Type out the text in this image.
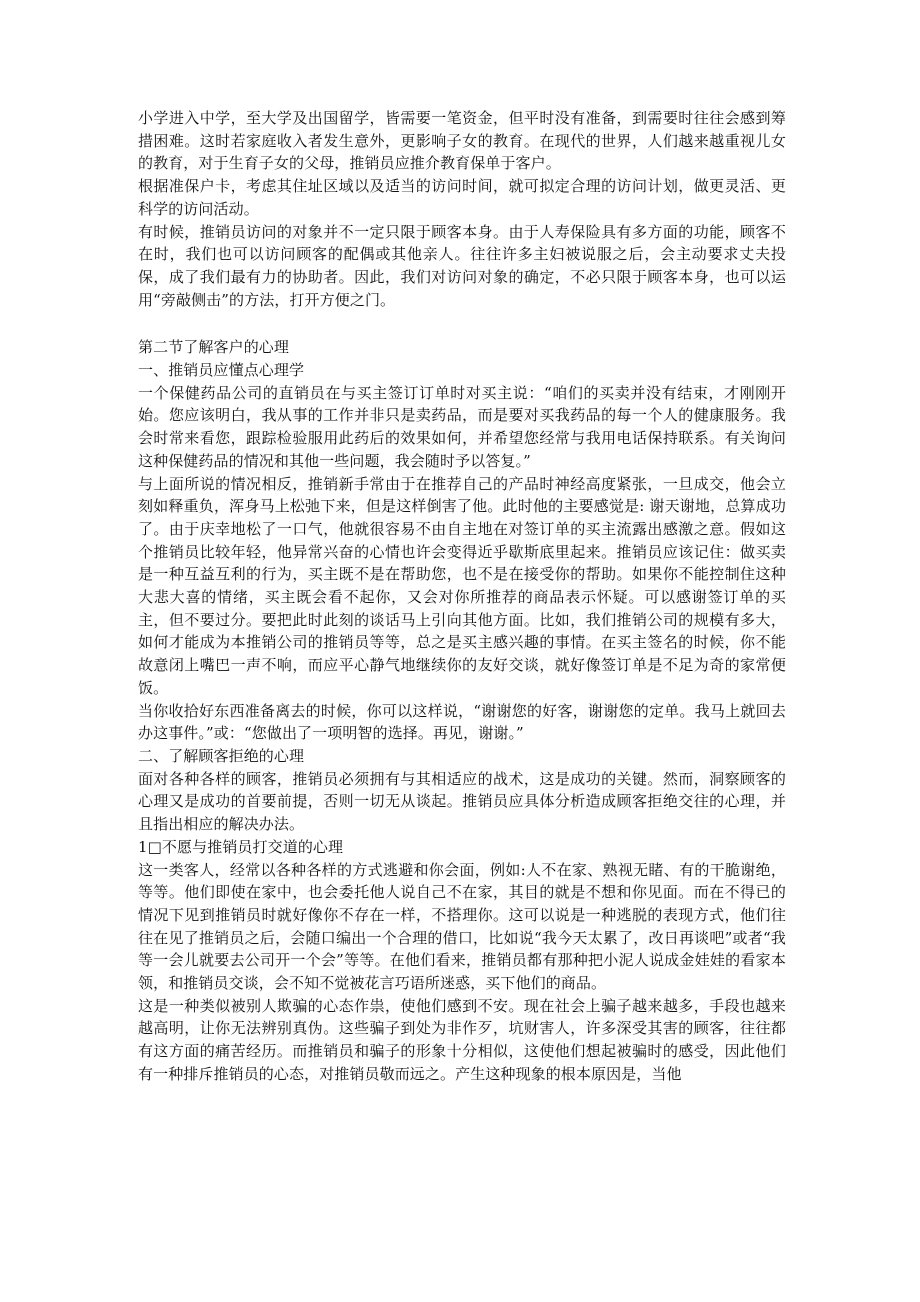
小学进入中学，至大学及出国留学，皆需要一笔资金，但平时没有准备，到需要时往往会感到筹措困难。这时若家庭收入者发生意外，更影响子女的教育。在现代的世界，人们越来越重视儿女的教育，对于生育子女的父母，推销员应推介教育保单于客户。

根据准保户卡，考虑其住址区域以及适当的访问时间，就可拟定合理的访问计划，做更灵活、更科学的访问活动。

有时候，推销员访问的对象并不一定只限于顾客本身。由于人寿保险具有多方面的功能，顾客不在时，我们也可以访问顾客的配偶或其他亲人。往往许多主妇被说服之后，会主动要求丈夫投保，成了我们最有力的协助者。因此，我们对访问对象的确定，不必只限于顾客本身，也可以运用“旁敲侧击”的方法，打开方便之门。

第二节了解客户的心理

一、推销员应懂点心理学

一个保健药品公司的直销员在与买主签订订单时对买主说：“咱们的买卖并没有结束，才刚刚开始。您应该明白，我从事的工作并非只是卖药品，而是要对买我药品的每一个人的健康服务。我会时常来看您，跟踪检验服用此药后的效果如何，并希望您经常与我用电话保持联系。有关询问这种保健药品的情况和其他一些问题，我会随时予以答复。”

与上面所说的情况相反，推销新手常由于在推荐自己的产品时神经高度紧张，一旦成交，他会立刻如释重负，浑身马上松弛下来，但是这样倒害了他。此时他的主要感觉是: 谢天谢地，总算成功了。由于庆幸地松了一口气，他就很容易不由自主地在对签订单的买主流露出感激之意。假如这个推销员比较年轻，他异常兴奋的心情也许会变得近乎歇斯底里起来。推销员应该记住：做买卖是一种互益互利的行为，买主既不是在帮助您，也不是在接受你的帮助。如果你不能控制住这种大悲大喜的情绪，买主既会看不起你，又会对你所推荐的商品表示怀疑。可以感谢签订单的买主，但不要过分。要把此时此刻的谈话马上引向其他方面。比如，我们推销公司的规模有多大，如何才能成为本推销公司的推销员等等，总之是买主感兴趣的事情。在买主签名的时候，你不能故意闭上嘴巴一声不响，而应平心静气地继续你的友好交谈，就好像签订单是不足为奇的家常便饭。

当你收拾好东西准备离去的时候，你可以这样说，“谢谢您的好客，谢谢您的定单。我马上就回去办这事件。”或：“您做出了一项明智的选择。再见，谢谢。”

二、了解顾客拒绝的心理

面对各种各样的顾客，推销员必须拥有与其相适应的战术，这是成功的关键。然而，洞察顾客的心理又是成功的首要前提，否则一切无从谈起。推销员应具体分析造成顾客拒绝交往的心理，并且指出相应的解决办法。

1□不愿与推销员打交道的心理

这一类客人，经常以各种各样的方式逃避和你会面，例如:人不在家、熟视无睹、有的干脆谢绝，等等。他们即使在家中，也会委托他人说自己不在家，其目的就是不想和你见面。而在不得已的情况下见到推销员时就好像你不存在一样，不搭理你。这可以说是一种逃脱的表现方式，他们往往在见了推销员之后，会随口编出一个合理的借口，比如说“我今天太累了，改日再谈吧”或者“我等一会儿就要去公司开一个会”等等。在他们看来，推销员都有那种把小泥人说成金娃娃的看家本领，和推销员交谈，会不知不觉被花言巧语所迷惑，买下他们的商品。

这是一种类似被别人欺骗的心态作祟，使他们感到不安。现在社会上骗子越来越多，手段也越来越高明，让你无法辨别真伪。这些骗子到处为非作歹，坑财害人，许多深受其害的顾客，往往都有这方面的痛苦经历。而推销员和骗子的形象十分相似，这使他们想起被骗时的感受，因此他们有一种排斥推销员的心态，对推销员敬而远之。产生这种现象的根本原因是，当他
